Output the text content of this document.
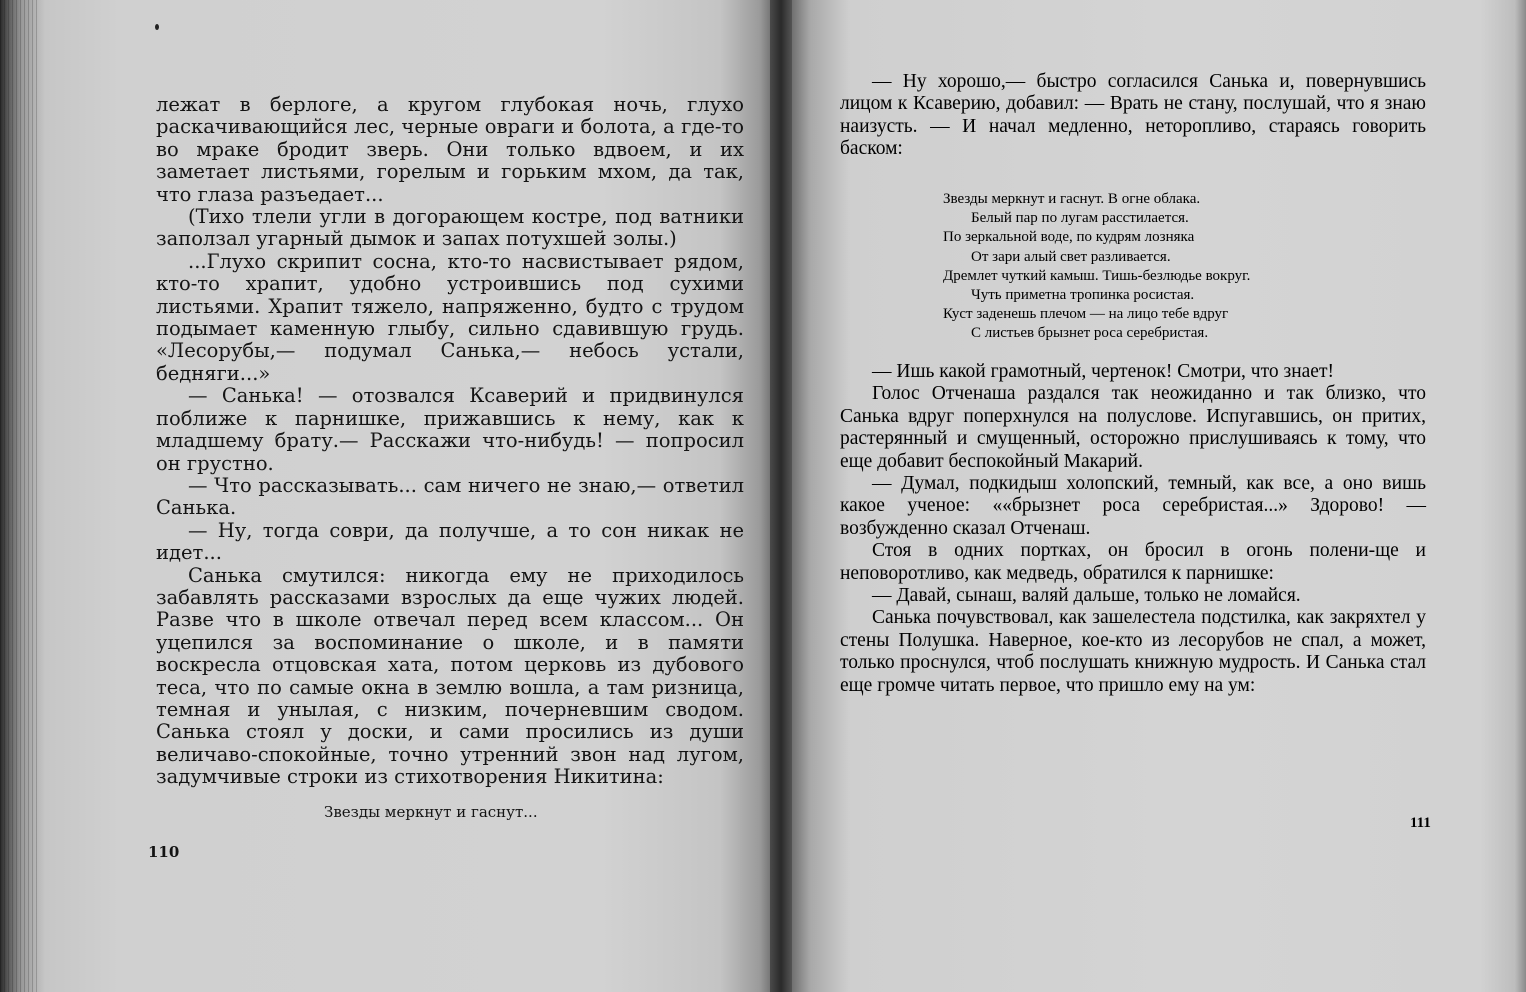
лежат в берлоге, а кругом глубокая ночь, глухо раскачивающийся лес, черные овраги и болота, а где-то во мраке бродит зверь. Они только вдвоем, и их заметает листьями, горелым и горьким мхом, да так, что глаза разъедает...

(Тихо тлели угли в догорающем костре, под ватники заползал угарный дымок и запах потухшей золы.)

...Глухо скрипит сосна, кто-то насвистывает рядом, кто-то храпит, удобно устроившись под сухими листьями. Храпит тяжело, напряженно, будто с трудом подымает каменную глыбу, сильно сдавившую грудь. «Лесорубы,— подумал Санька,— небось устали, бедняги...»

— Санька! — отозвался Ксаверий и придвинулся поближе к парнишке, прижавшись к нему, как к младшему брату.— Расскажи что-нибудь! — попросил он грустно.

— Что рассказывать... сам ничего не знаю,— ответил Санька.

— Ну, тогда соври, да получше, а то сон никак не идет...

Санька смутился: никогда ему не приходилось забавлять рассказами взрослых да еще чужих людей. Разве что в школе отвечал перед всем классом... Он уцепился за воспоминание о школе, и в памяти воскресла отцовская хата, потом церковь из дубового теса, что по самые окна в землю вошла, а там ризница, темная и унылая, с низким, почерневшим сводом. Санька стоял у доски, и сами просились из души величаво-спокойные, точно утренний звон над лугом, задумчивые строки из стихотворения Никитина:

Звезды меркнут и гаснут...
110

— Ну хорошо,— быстро согласился Санька и, повернувшись лицом к Ксаверию, добавил: — Врать не стану, послушай, что я знаю наизусть. — И начал медленно, неторопливо, стараясь говорить баском:

Звезды меркнут и гаснут. В огне облака.
Белый пар по лугам расстилается.
По зеркальной воде, по кудрям лозняка
От зари алый свет разливается.
Дремлет чуткий камыш. Тишь-безлюдье вокруг.
Чуть приметна тропинка росистая.
Куст заденешь плечом — на лицо тебе вдруг
С листьев брызнет роса серебристая.

— Ишь какой грамотный, чертенок! Смотри, что знает!

Голос Отченаша раздался так неожиданно и так близко, что Санька вдруг поперхнулся на полуслове. Испугавшись, он притих, растерянный и смущенный, осторожно прислушиваясь к тому, что еще добавит беспокойный Макарий.

— Думал, подкидыш холопский, темный, как все, а оно вишь какое ученое: ««брызнет роса серебристая...» Здорово! — возбужденно сказал Отченаш.

Стоя в одних портках, он бросил в огонь полени-ще и неповоротливо, как медведь, обратился к парнишке:

— Давай, сынаш, валяй дальше, только не ломайся.

Санька почувствовал, как зашелестела подстилка, как закряхтел у стены Полушка. Наверное, кое-кто из лесорубов не спал, а может, только проснулся, чтоб послушать книжную мудрость. И Санька стал еще громче читать первое, что пришло ему на ум:

111
